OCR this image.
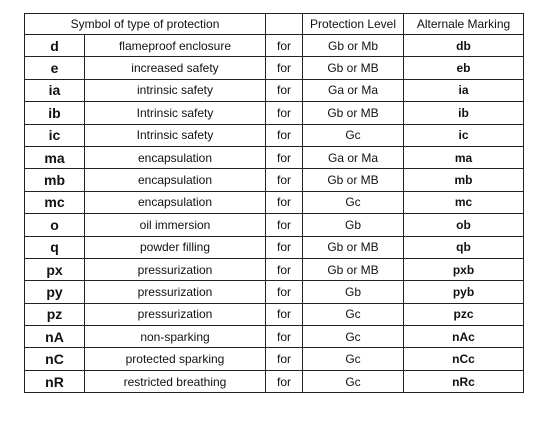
Symbol of type of protection			Protection Level	Alternale Marking
d	flameproof enclosure	for	Gb or Mb	db
e	increased safety	for	Gb or MB	eb
ia	intrinsic safety	for	Ga or Ma	ia
ib	Intrinsic safety	for	Gb or MB	ib
ic	Intrinsic safety	for	Gc	ic
ma	encapsulation	for	Ga or Ma	ma
mb	encapsulation	for	Gb or MB	mb
mc	encapsulation	for	Gc	mc
o	oil immersion	for	Gb	ob
q	powder filling	for	Gb or MB	qb
px	pressurization	for	Gb or MB	pxb
py	pressurization	for	Gb	pyb
pz	pressurization	for	Gc	pzc
nA	non-sparking	for	Gc	nAc
nC	protected sparking	for	Gc	nCc
nR	restricted breathing	for	Gc	nRc
